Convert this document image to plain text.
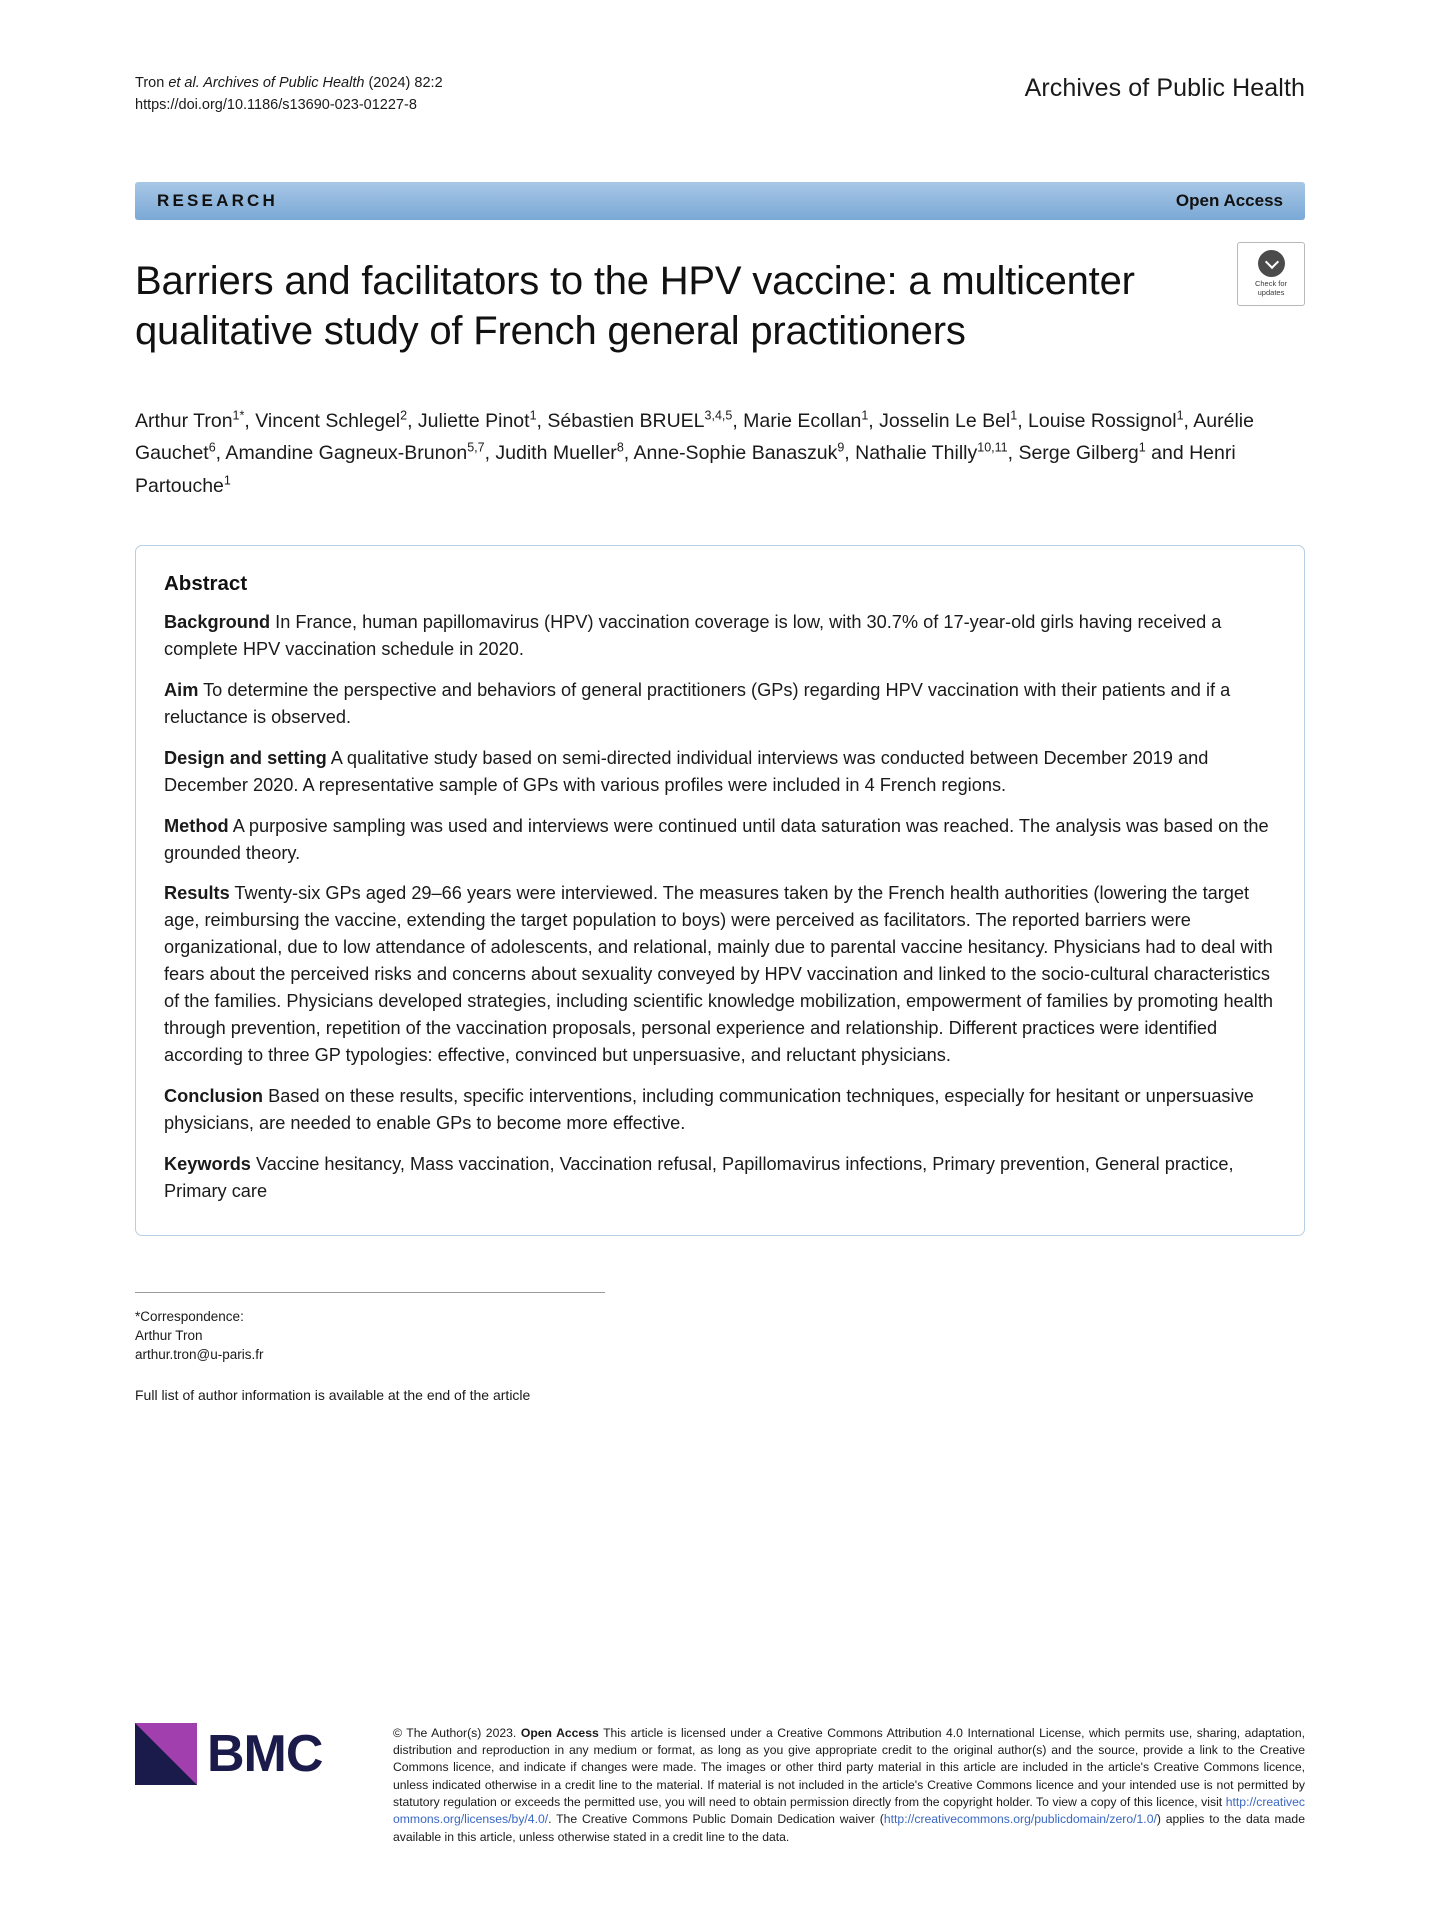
Tron et al. Archives of Public Health (2024) 82:2
https://doi.org/10.1186/s13690-023-01227-8
Archives of Public Health
RESEARCH	Open Access
Barriers and facilitators to the HPV vaccine: a multicenter qualitative study of French general practitioners
Check for
updates
Arthur Tron$^{1*}$, Vincent Schlegel$^2$, Juliette Pinot$^1$, Sébastien BRUEL$^{3,4,5}$, Marie Ecollan$^1$, Josselin Le Bel$^1$, Louise Rossignol$^1$, Aurélie Gauchet$^6$, Amandine Gagneux-Brunon$^{5,7}$, Judith Mueller$^8$, Anne-Sophie Banaszuk$^9$, Nathalie Thilly$^{10,11}$, Serge Gilberg$^1$ and Henri Partouche$^1$
Abstract

Background In France, human papillomavirus (HPV) vaccination coverage is low, with 30.7% of 17-year-old girls having received a complete HPV vaccination schedule in 2020.

Aim To determine the perspective and behaviors of general practitioners (GPs) regarding HPV vaccination with their patients and if a reluctance is observed.

Design and setting A qualitative study based on semi-directed individual interviews was conducted between December 2019 and December 2020. A representative sample of GPs with various profiles were included in 4 French regions.

Method A purposive sampling was used and interviews were continued until data saturation was reached. The analysis was based on the grounded theory.

Results Twenty-six GPs aged 29–66 years were interviewed. The measures taken by the French health authorities (lowering the target age, reimbursing the vaccine, extending the target population to boys) were perceived as facilitators. The reported barriers were organizational, due to low attendance of adolescents, and relational, mainly due to parental vaccine hesitancy. Physicians had to deal with fears about the perceived risks and concerns about sexuality conveyed by HPV vaccination and linked to the socio-cultural characteristics of the families. Physicians developed strategies, including scientific knowledge mobilization, empowerment of families by promoting health through prevention, repetition of the vaccination proposals, personal experience and relationship. Different practices were identified according to three GP typologies: effective, convinced but unpersuasive, and reluctant physicians.

Conclusion Based on these results, specific interventions, including communication techniques, especially for hesitant or unpersuasive physicians, are needed to enable GPs to become more effective.

Keywords Vaccine hesitancy, Mass vaccination, Vaccination refusal, Papillomavirus infections, Primary prevention, General practice, Primary care

*Correspondence:
Arthur Tron
arthur.tron@u-paris.fr
Full list of author information is available at the end of the article
BMC	© The Author(s) 2023. Open Access This article is licensed under a Creative Commons Attribution 4.0 International License, which permits use, sharing, adaptation, distribution and reproduction in any medium or format, as long as you give appropriate credit to the original author(s) and the source, provide a link to the Creative Commons licence, and indicate if changes were made. The images or other third party material in this article are included in the article's Creative Commons licence, unless indicated otherwise in a credit line to the material. If material is not included in the article's Creative Commons licence and your intended use is not permitted by statutory regulation or exceeds the permitted use, you will need to obtain permission directly from the copyright holder. To view a copy of this licence, visit http://creativecommons.org/licenses/by/4.0/. The Creative Commons Public Domain Dedication waiver (http://creativecommons.org/publicdomain/zero/1.0/) applies to the data made available in this article, unless otherwise stated in a credit line to the data.
